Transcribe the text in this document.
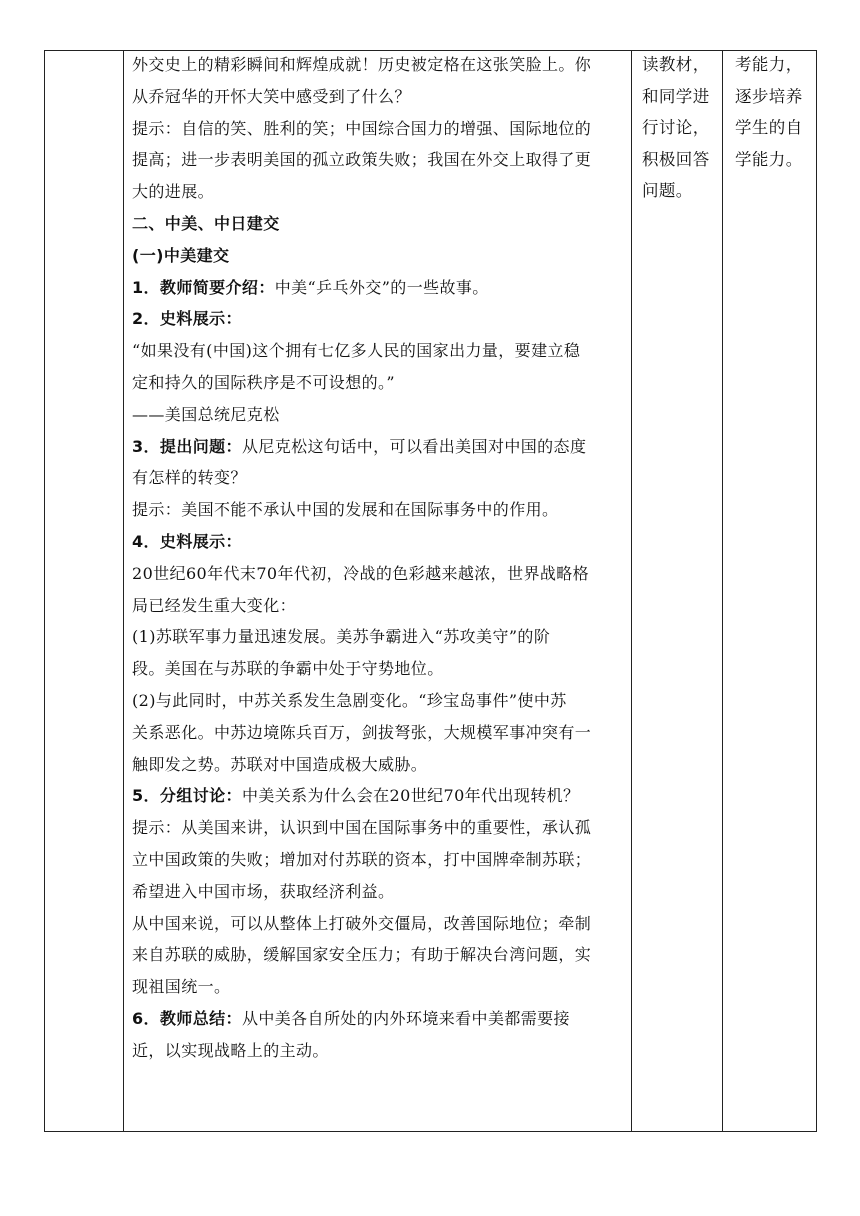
外交史上的精彩瞬间和辉煌成就！历史被定格在这张笑脸上。你

从乔冠华的开怀大笑中感受到了什么？

提示：自信的笑、胜利的笑；中国综合国力的增强、国际地位的

提高；进一步表明美国的孤立政策失败；我国在外交上取得了更

大的进展。

二、中美、中日建交

(一)中美建交

1．教师简要介绍：中美“乒乓外交”的一些故事。

2．史料展示：

“如果没有(中国)这个拥有七亿多人民的国家出力量，要建立稳

定和持久的国际秩序是不可设想的。”

——美国总统尼克松

3．提出问题：从尼克松这句话中，可以看出美国对中国的态度

有怎样的转变？

提示：美国不能不承认中国的发展和在国际事务中的作用。

4．史料展示：

20世纪60年代末70年代初，冷战的色彩越来越浓，世界战略格

局已经发生重大变化：

(1)苏联军事力量迅速发展。美苏争霸进入“苏攻美守”的阶

段。美国在与苏联的争霸中处于守势地位。

(2)与此同时，中苏关系发生急剧变化。“珍宝岛事件”使中苏

关系恶化。中苏边境陈兵百万，剑拔弩张，大规模军事冲突有一

触即发之势。苏联对中国造成极大威胁。

5．分组讨论：中美关系为什么会在20世纪70年代出现转机？

提示：从美国来讲，认识到中国在国际事务中的重要性，承认孤

立中国政策的失败；增加对付苏联的资本，打中国牌牵制苏联；

希望进入中国市场，获取经济利益。

从中国来说，可以从整体上打破外交僵局，改善国际地位；牵制

来自苏联的威胁，缓解国家安全压力；有助于解决台湾问题，实

现祖国统一。

6．教师总结：从中美各自所处的内外环境来看中美都需要接

近，以实现战略上的主动。

读教材，

和同学进

行讨论，

积极回答

问题。

考能力，

逐步培养

学生的自

学能力。
